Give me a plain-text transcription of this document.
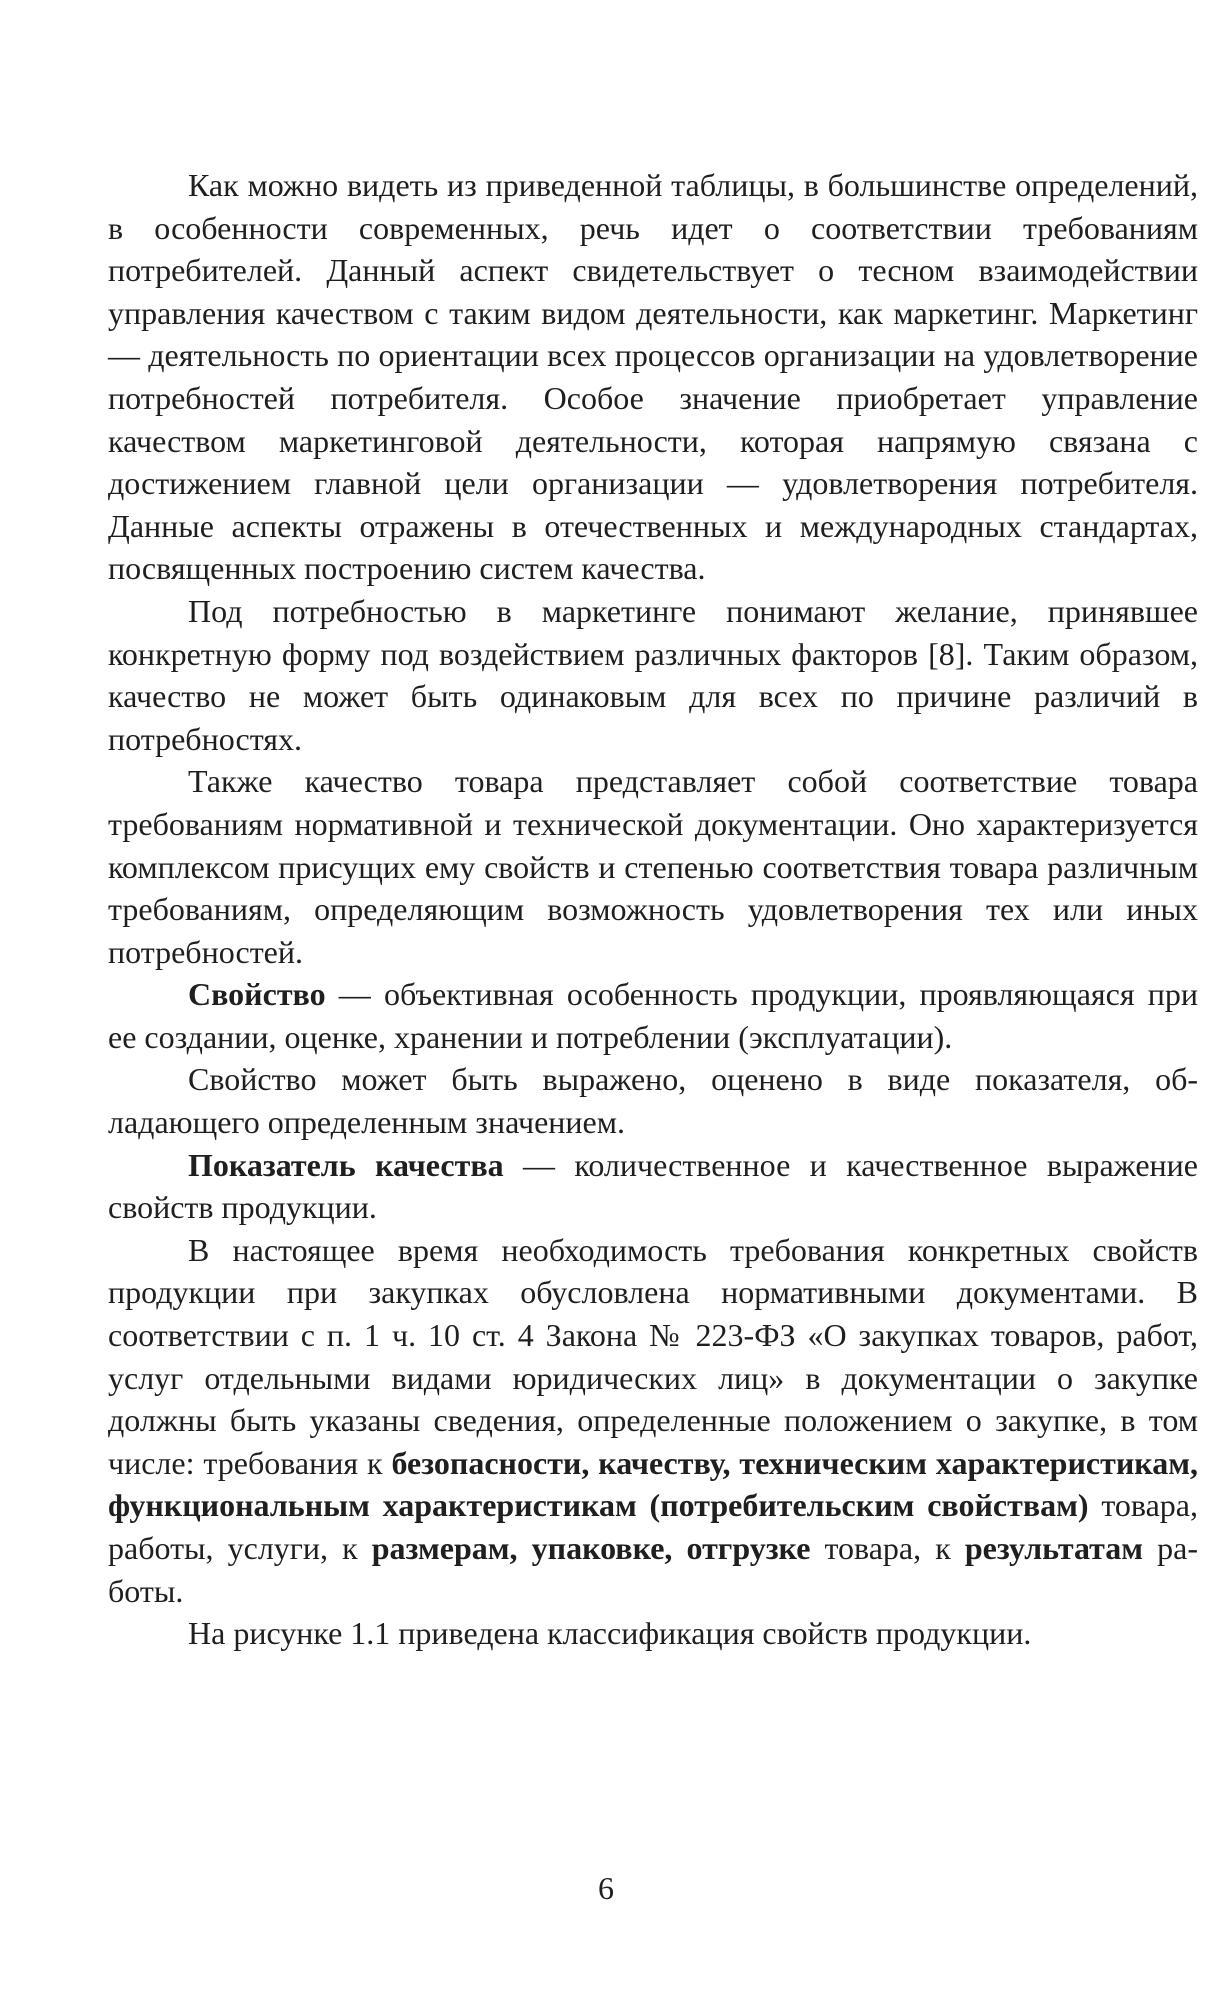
Как можно видеть из приведенной таблицы, в большинстве определений, в особенности современных, речь идет о соответствии требованиям потребителей. Данный аспект свидетельствует о тесном взаимодействии управления качеством с таким видом деятельности, как маркетинг. Маркетинг — деятельность по ориентации всех процессов организации на удовлетворение потребностей потребителя. Особое значение приобретает управление качеством маркетинговой деятельности, которая напрямую связана с достижением главной цели организации — удовлетворения потребителя. Данные аспекты отражены в отечественных и международных стандартах, посвященных построению систем качества.

Под потребностью в маркетинге понимают желание, принявшее конкретную форму под воздействием различных факторов [8]. Таким образом, качество не может быть одинаковым для всех по причине различий в потребностях.

Также качество товара представляет собой соответствие товара требованиям нормативной и технической документации. Оно характеризуется комплексом присущих ему свойств и степенью соответствия товара различным требованиям, определяющим возможность удовлетворения тех или иных потребностей.

Свойство — объективная особенность продукции, проявляющаяся при ее создании, оценке, хранении и потреблении (эксплуатации).

Свойство может быть выражено, оценено в виде показателя, обладающего определенным значением.

Показатель качества — количественное и качественное выражение свойств продукции.

В настоящее время необходимость требования конкретных свойств продукции при закупках обусловлена нормативными документами. В соответствии с п. 1 ч. 10 ст. 4 Закона № 223-ФЗ «О закупках товаров, работ, услуг отдельными видами юридических лиц» в документации о закупке должны быть указаны сведения, определенные положением о закупке, в том числе: требования к безопасности, качеству, техническим характеристикам, функциональным характеристикам (потребительским свойствам) товара, работы, услуги, к размерам, упаковке, отгрузке товара, к результатам работы.

На рисунке 1.1 приведена классификация свойств продукции.

6
